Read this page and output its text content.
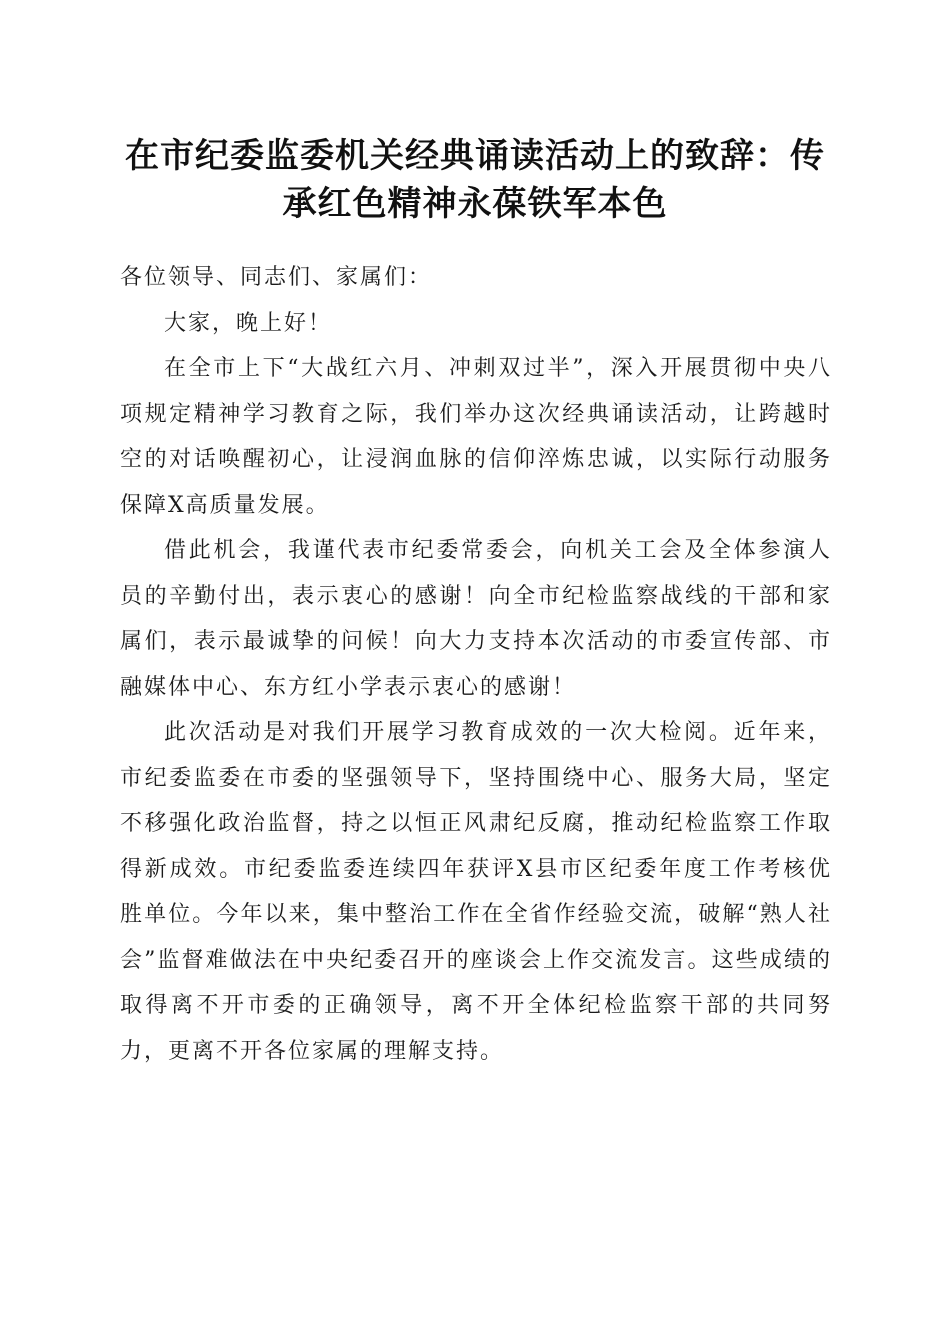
在市纪委监委机关经典诵读活动上的致辞：传承红色精神永葆铁军本色

各位领导、同志们、家属们：

大家，晚上好！

在全市上下“大战红六月、冲刺双过半”，深入开展贯彻中央八项规定精神学习教育之际，我们举办这次经典诵读活动，让跨越时空的对话唤醒初心，让浸润血脉的信仰淬炼忠诚，以实际行动服务保障X高质量发展。

借此机会，我谨代表市纪委常委会，向机关工会及全体参演人员的辛勤付出，表示衷心的感谢！向全市纪检监察战线的干部和家属们，表示最诚挚的问候！向大力支持本次活动的市委宣传部、市融媒体中心、东方红小学表示衷心的感谢！

此次活动是对我们开展学习教育成效的一次大检阅。近年来，市纪委监委在市委的坚强领导下，坚持围绕中心、服务大局，坚定不移强化政治监督，持之以恒正风肃纪反腐，推动纪检监察工作取得新成效。市纪委监委连续四年获评X县市区纪委年度工作考核优胜单位。今年以来，集中整治工作在全省作经验交流，破解“熟人社会”监督难做法在中央纪委召开的座谈会上作交流发言。这些成绩的取得离不开市委的正确领导，离不开全体纪检监察干部的共同努力，更离不开各位家属的理解支持。
